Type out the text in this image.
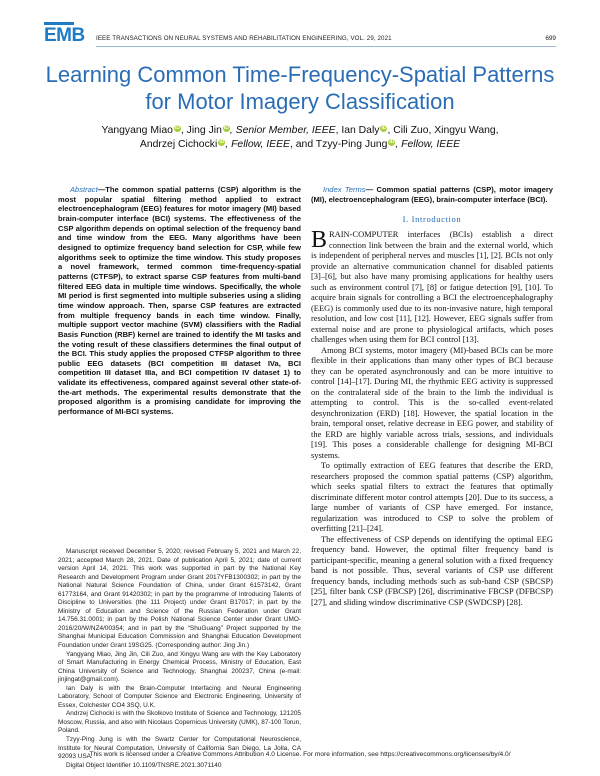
EMB IEEE TRANSACTIONS ON NEURAL SYSTEMS AND REHABILITATION ENGINEERING, VOL. 29, 2021	699
Learning Common Time-Frequency-Spatial Patterns for Motor Imagery Classification
Yangyang Miao iD, Jing Jin iD, Senior Member, IEEE, Ian Daly iD, Cili Zuo, Xingyu Wang,
Andrzej Cichocki iD, Fellow, IEEE, and Tzyy-Ping Jung iD, Fellow, IEEE

Abstract—The common spatial patterns (CSP) algorithm is the most popular spatial filtering method applied to extract electroencephalogram (EEG) features for motor imagery (MI) based brain-computer interface (BCI) systems. The effectiveness of the CSP algorithm depends on optimal selection of the frequency band and time window from the EEG. Many algorithms have been designed to optimize frequency band selection for CSP, while few algorithms seek to optimize the time window. This study proposes a novel framework, termed common time-frequency-spatial patterns (CTFSP), to extract sparse CSP features from multi-band filtered EEG data in multiple time windows. Specifically, the whole MI period is first segmented into multiple subseries using a sliding time window approach. Then, sparse CSP features are extracted from multiple frequency bands in each time window. Finally, multiple support vector machine (SVM) classifiers with the Radial Basis Function (RBF) kernel are trained to identify the MI tasks and the voting result of these classifiers determines the final output of the BCI. This study applies the proposed CTFSP algorithm to three public EEG datasets (BCI competition III dataset IVa, BCI competition III dataset IIIa, and BCI competition IV dataset 1) to validate its effectiveness, compared against several other state-of-the-art methods. The experimental results demonstrate that the proposed algorithm is a promising candidate for improving the performance of MI-BCI systems.

Manuscript received December 5, 2020; revised February 5, 2021 and March 22, 2021; accepted March 28, 2021. Date of publication April 5, 2021; date of current version April 14, 2021. This work was supported in part by the National Key Research and Development Program under Grant 2017YFB1300302; in part by the National Natural Science Foundation of China, under Grant 61573142, Grant 61773164, and Grant 91420302; in part by the programme of Introducing Talents of Discipline to Universities (the 111 Project) under Grant B17017; in part by the Ministry of Education and Science of the Russian Federation under Grant 14.756.31.0001; in part by the Polish National Science Center under Grant UMO-2016/20/W/NZ4/00354; and in part by the “ShuGuang” Project supported by the Shanghai Municipal Education Commission and Shanghai Education Development Foundation under Grant 19SG25. (Corresponding author: Jing Jin.)

Yangyang Miao, Jing Jin, Cili Zuo, and Xingyu Wang are with the Key Laboratory of Smart Manufacturing in Energy Chemical Process, Ministry of Education, East China University of Science and Technology, Shanghai 200237, China (e-mail: jinjingat@gmail.com).

Ian Daly is with the Brain-Computer Interfacing and Neural Engineering Laboratory, School of Computer Science and Electronic Engineering, University of Essex, Colchester CO4 3SQ, U.K.

Andrzej Cichocki is with the Skolkovo Institute of Science and Technology, 121205 Moscow, Russia, and also with Nicolaus Copernicus University (UMK), 87-100 Torun, Poland.

Tzyy-Ping Jung is with the Swartz Center for Computational Neuroscience, Institute for Neural Computation, University of California San Diego, La Jolla, CA 92093 USA.

Digital Object Identifier 10.1109/TNSRE.2021.3071140

Index Terms— Common spatial patterns (CSP), motor imagery (MI), electroencephalogram (EEG), brain-computer interface (BCI).

I. Introduction

BRAIN-COMPUTER interfaces (BCIs) establish a direct connection link between the brain and the external world, which is independent of peripheral nerves and muscles [1], [2]. BCIs not only provide an alternative communication channel for disabled patients [3]–[6], but also have many promising applications for healthy users such as environment control [7], [8] or fatigue detection [9], [10]. To acquire brain signals for controlling a BCI the electroencephalography (EEG) is commonly used due to its non-invasive nature, high temporal resolution, and low cost [11], [12]. However, EEG signals suffer from external noise and are prone to physiological artifacts, which poses challenges when using them for BCI control [13].

Among BCI systems, motor imagery (MI)-based BCIs can be more flexible in their applications than many other types of BCI because they can be operated asynchronously and can be more intuitive to control [14]–[17]. During MI, the rhythmic EEG activity is suppressed on the contralateral side of the brain to the limb the individual is attempting to control. This is the so-called event-related desynchronization (ERD) [18]. However, the spatial location in the brain, temporal onset, relative decrease in EEG power, and stability of the ERD are highly variable across trials, sessions, and individuals [19]. This poses a considerable challenge for designing MI-BCI systems.

To optimally extraction of EEG features that describe the ERD, researchers proposed the common spatial patterns (CSP) algorithm, which seeks spatial filters to extract the features that optimally discriminate different motor control attempts [20]. Due to its success, a large number of variants of CSP have emerged. For instance, regularization was introduced to CSP to solve the problem of overfitting [21]–[24].

The effectiveness of CSP depends on identifying the optimal EEG frequency band. However, the optimal filter frequency band is participant-specific, meaning a general solution with a fixed frequency band is not possible. Thus, several variants of CSP use different frequency bands, including methods such as sub-band CSP (SBCSP) [25], filter bank CSP (FBCSP) [26], discriminative FBCSP (DFBCSP) [27], and sliding window discriminative CSP (SWDCSP) [28].

This work is licensed under a Creative Commons Attribution 4.0 License. For more information, see https://creativecommons.org/licenses/by/4.0/
